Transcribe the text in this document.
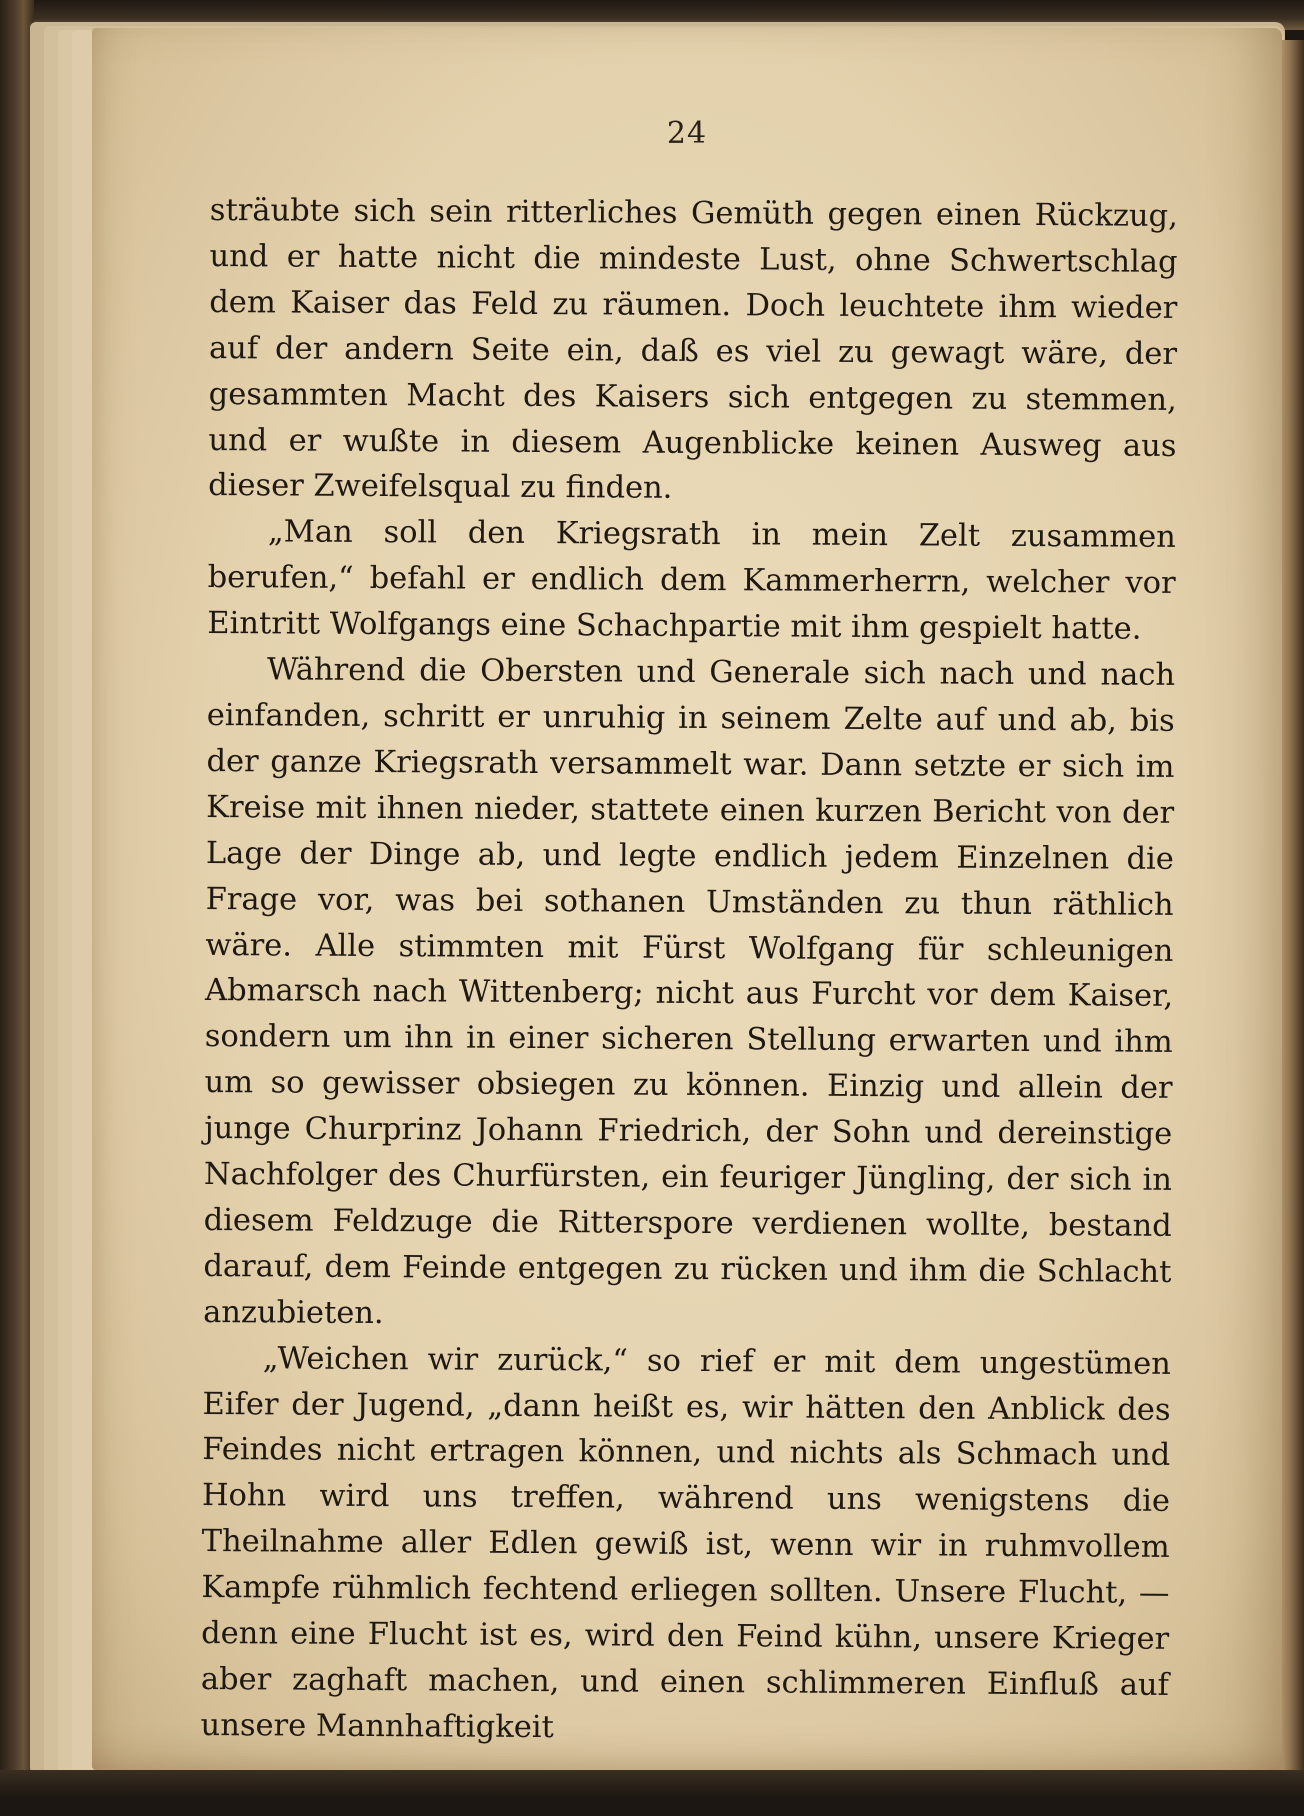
24

sträubte sich sein ritterliches Gemüth gegen einen Rückzug, und er hatte nicht die mindeste Lust, ohne Schwertschlag dem Kaiser das Feld zu räumen. Doch leuchtete ihm wieder auf der andern Seite ein, daß es viel zu gewagt wäre, der gesammten Macht des Kaisers sich entgegen zu stemmen, und er wußte in diesem Augenblicke keinen Ausweg aus dieser Zweifelsqual zu finden.

„Man soll den Kriegsrath in mein Zelt zusammen berufen,“ befahl er endlich dem Kammerherrn, welcher vor Eintritt Wolfgangs eine Schachpartie mit ihm gespielt hatte.

Während die Obersten und Generale sich nach und nach einfanden, schritt er unruhig in seinem Zelte auf und ab, bis der ganze Kriegsrath versammelt war. Dann setzte er sich im Kreise mit ihnen nieder, stattete einen kurzen Bericht von der Lage der Dinge ab, und legte endlich jedem Einzelnen die Frage vor, was bei sothanen Umständen zu thun räthlich wäre. Alle stimmten mit Fürst Wolfgang für schleunigen Abmarsch nach Wittenberg; nicht aus Furcht vor dem Kaiser, sondern um ihn in einer sicheren Stellung erwarten und ihm um so gewisser obsiegen zu können. Einzig und allein der junge Churprinz Johann Friedrich, der Sohn und dereinstige Nachfolger des Churfürsten, ein feuriger Jüngling, der sich in diesem Feldzuge die Ritterspore verdienen wollte, bestand darauf, dem Feinde entgegen zu rücken und ihm die Schlacht anzubieten.

„Weichen wir zurück,“ so rief er mit dem ungestümen Eifer der Jugend, „dann heißt es, wir hätten den Anblick des Feindes nicht ertragen können, und nichts als Schmach und Hohn wird uns treffen, während uns wenigstens die Theilnahme aller Edlen gewiß ist, wenn wir in ruhmvollem Kampfe rühmlich fechtend erliegen sollten. Unsere Flucht, — denn eine Flucht ist es, wird den Feind kühn, unsere Krieger aber zaghaft machen, und einen schlimmeren Einfluß auf unsere Mannhaftigkeit
